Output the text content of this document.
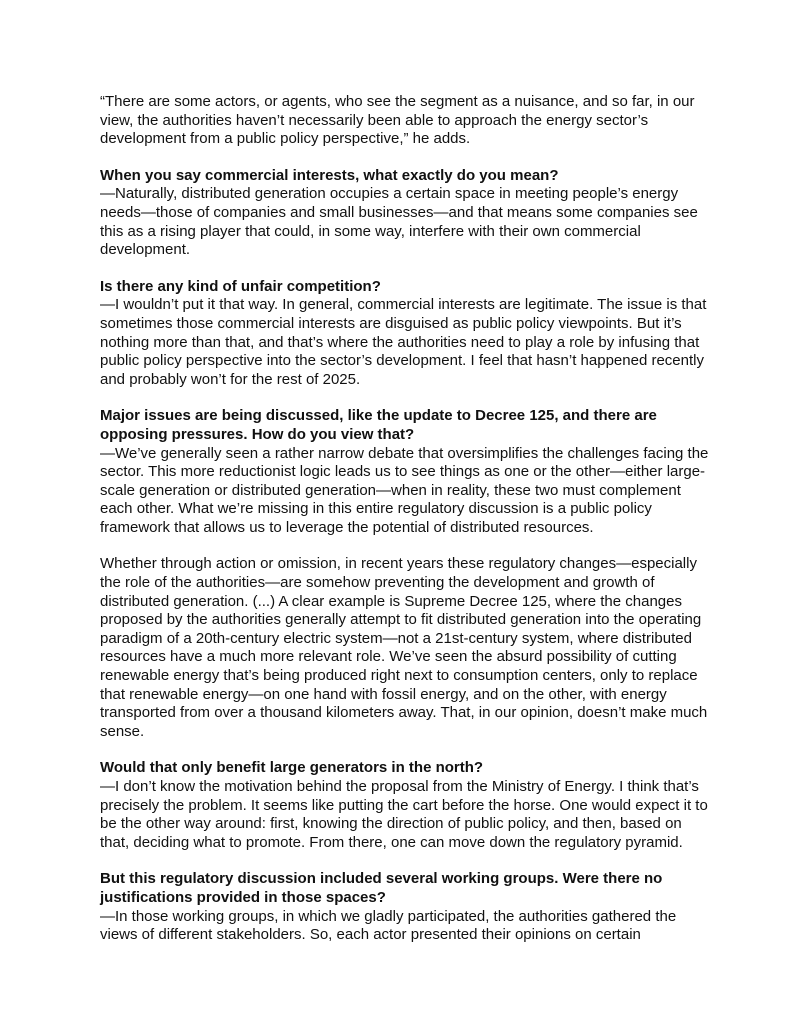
“There are some actors, or agents, who see the segment as a nuisance, and so far, in our view, the authorities haven’t necessarily been able to approach the energy sector’s development from a public policy perspective,” he adds.

When you say commercial interests, what exactly do you mean?

—Naturally, distributed generation occupies a certain space in meeting people’s energy needs—those of companies and small businesses—and that means some companies see this as a rising player that could, in some way, interfere with their own commercial development.

Is there any kind of unfair competition?

—I wouldn’t put it that way. In general, commercial interests are legitimate. The issue is that sometimes those commercial interests are disguised as public policy viewpoints. But it’s nothing more than that, and that’s where the authorities need to play a role by infusing that public policy perspective into the sector’s development. I feel that hasn’t happened recently and probably won’t for the rest of 2025.

Major issues are being discussed, like the update to Decree 125, and there are opposing pressures. How do you view that?

—We’ve generally seen a rather narrow debate that oversimplifies the challenges facing the sector. This more reductionist logic leads us to see things as one or the other—either large-scale generation or distributed generation—when in reality, these two must complement each other. What we’re missing in this entire regulatory discussion is a public policy framework that allows us to leverage the potential of distributed resources.

Whether through action or omission, in recent years these regulatory changes—especially the role of the authorities—are somehow preventing the development and growth of distributed generation. (...) A clear example is Supreme Decree 125, where the changes proposed by the authorities generally attempt to fit distributed generation into the operating paradigm of a 20th-century electric system—not a 21st-century system, where distributed resources have a much more relevant role. We’ve seen the absurd possibility of cutting renewable energy that’s being produced right next to consumption centers, only to replace that renewable energy—on one hand with fossil energy, and on the other, with energy transported from over a thousand kilometers away. That, in our opinion, doesn’t make much sense.

Would that only benefit large generators in the north?

—I don’t know the motivation behind the proposal from the Ministry of Energy. I think that’s precisely the problem. It seems like putting the cart before the horse. One would expect it to be the other way around: first, knowing the direction of public policy, and then, based on that, deciding what to promote. From there, one can move down the regulatory pyramid.

But this regulatory discussion included several working groups. Were there no justifications provided in those spaces?

—In those working groups, in which we gladly participated, the authorities gathered the views of different stakeholders. So, each actor presented their opinions on certain
